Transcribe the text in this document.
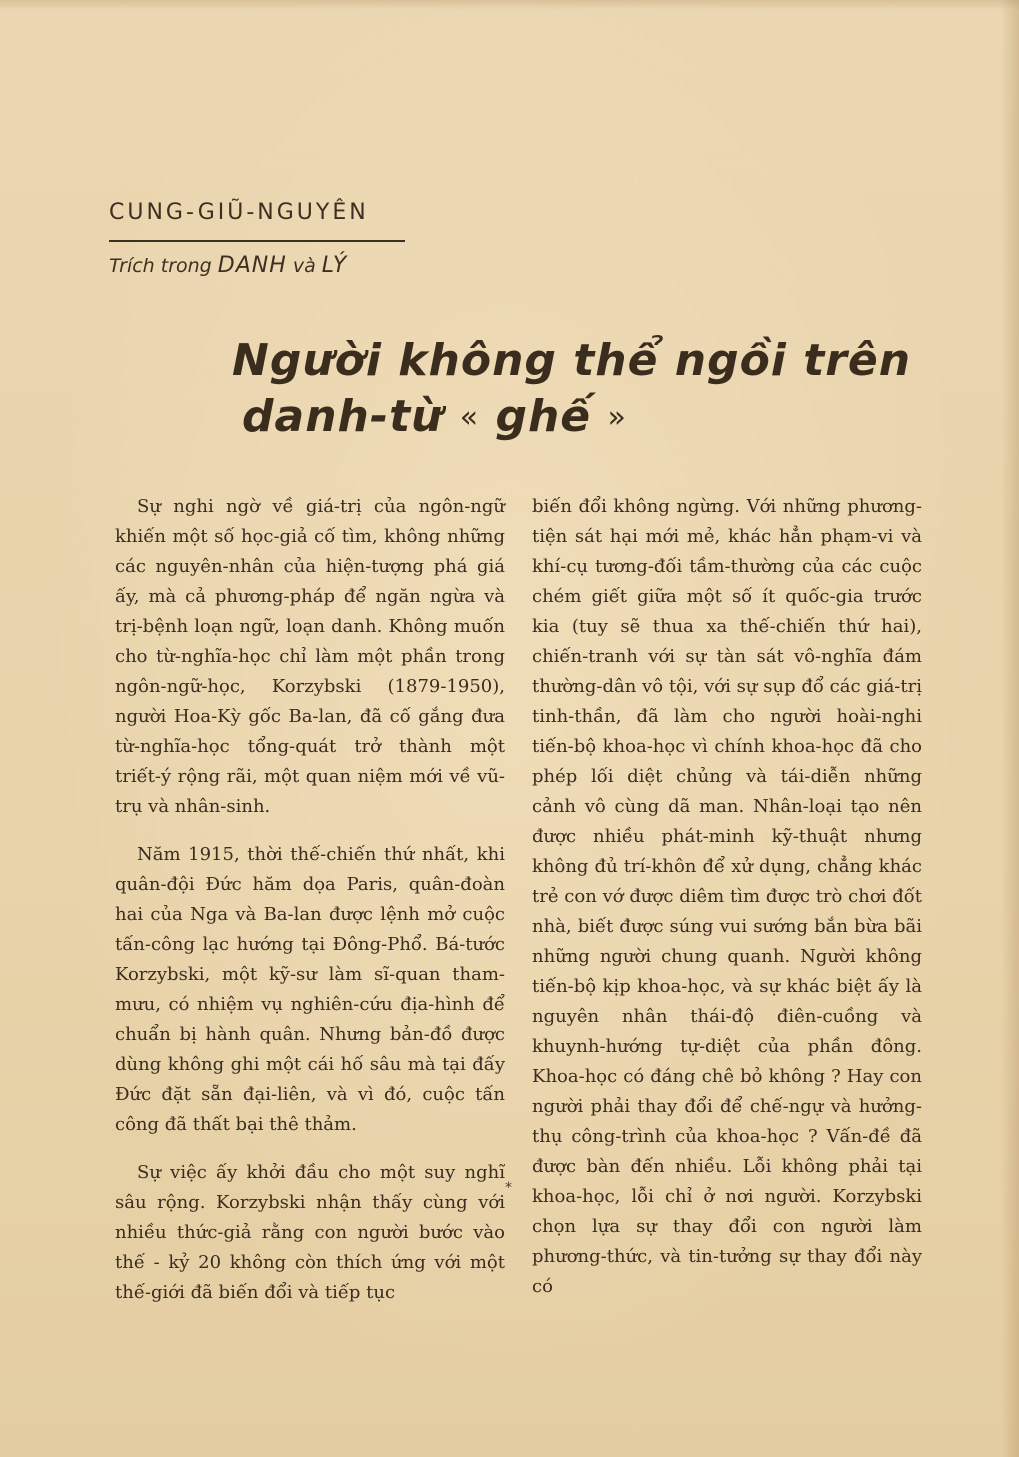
CUNG-GIŨ-NGUYÊN
Trích trong DANH và LÝ
Người không thể ngồi trên
danh-từ « ghế »

Sự nghi ngờ về giá-trị của ngôn-ngữ khiến một số học-giả cố tìm, không những các nguyên-nhân của hiện-tượng phá giá ấy, mà cả phương-pháp để ngăn ngừa và trị-bệnh loạn ngữ, loạn danh. Không muốn cho từ-nghĩa-học chỉ làm một phần trong ngôn-ngữ-học, Korzybski (1879-1950), người Hoa-Kỳ gốc Ba-lan, đã cố gắng đưa từ-nghĩa-học tổng-quát trở thành một triết-ý rộng rãi, một quan niệm mới về vũ-trụ và nhân-sinh.

Năm 1915, thời thế-chiến thứ nhất, khi quân-đội Đức hăm dọa Paris, quân-đoàn hai của Nga và Ba-lan được lệnh mở cuộc tấn-công lạc hướng tại Đông-Phổ. Bá-tước Korzybski, một kỹ-sư làm sĩ-quan tham-mưu, có nhiệm vụ nghiên-cứu địa-hình để chuẩn bị hành quân. Nhưng bản-đồ được dùng không ghi một cái hố sâu mà tại đấy Đức đặt sẵn đại-liên, và vì đó, cuộc tấn công đã thất bại thê thảm.

Sự việc ấy khởi đầu cho một suy nghĩ sâu rộng. Korzybski nhận thấy cùng với nhiều thức-giả rằng con người bước vào thế - kỷ 20 không còn thích ứng với một thế-giới đã biến đổi và tiếp tục

biến đổi không ngừng. Với những phương-tiện sát hại mới mẻ, khác hẳn phạm-vi và khí-cụ tương-đối tầm-thường của các cuộc chém giết giữa một số ít quốc-gia trước kia (tuy sẽ thua xa thế-chiến thứ hai), chiến-tranh với sự tàn sát vô-nghĩa đám thường-dân vô tội, với sự sụp đổ các giá-trị tinh-thần, đã làm cho người hoài-nghi tiến-bộ khoa-học vì chính khoa-học đã cho phép lối diệt chủng và tái-diễn những cảnh vô cùng dã man. Nhân-loại tạo nên được nhiều phát-minh kỹ-thuật nhưng không đủ trí-khôn để xử dụng, chẳng khác trẻ con vớ được diêm tìm được trò chơi đốt nhà, biết được súng vui sướng bắn bừa bãi những người chung quanh. Người không tiến-bộ kịp khoa-học, và sự khác biệt ấy là nguyên nhân thái-độ điên-cuồng và khuynh-hướng tự-diệt của phần đông. Khoa-học có đáng chê bỏ không ? Hay con người phải thay đổi để chế-ngự và hưởng-thụ công-trình của khoa-học ? Vấn-đề đã được bàn đến nhiều. Lỗi không phải tại khoa-học, lỗi chỉ ở nơi người. Korzybski chọn lựa sự thay đổi con người làm phương-thức, và tin-tưởng sự thay đổi này có

*
